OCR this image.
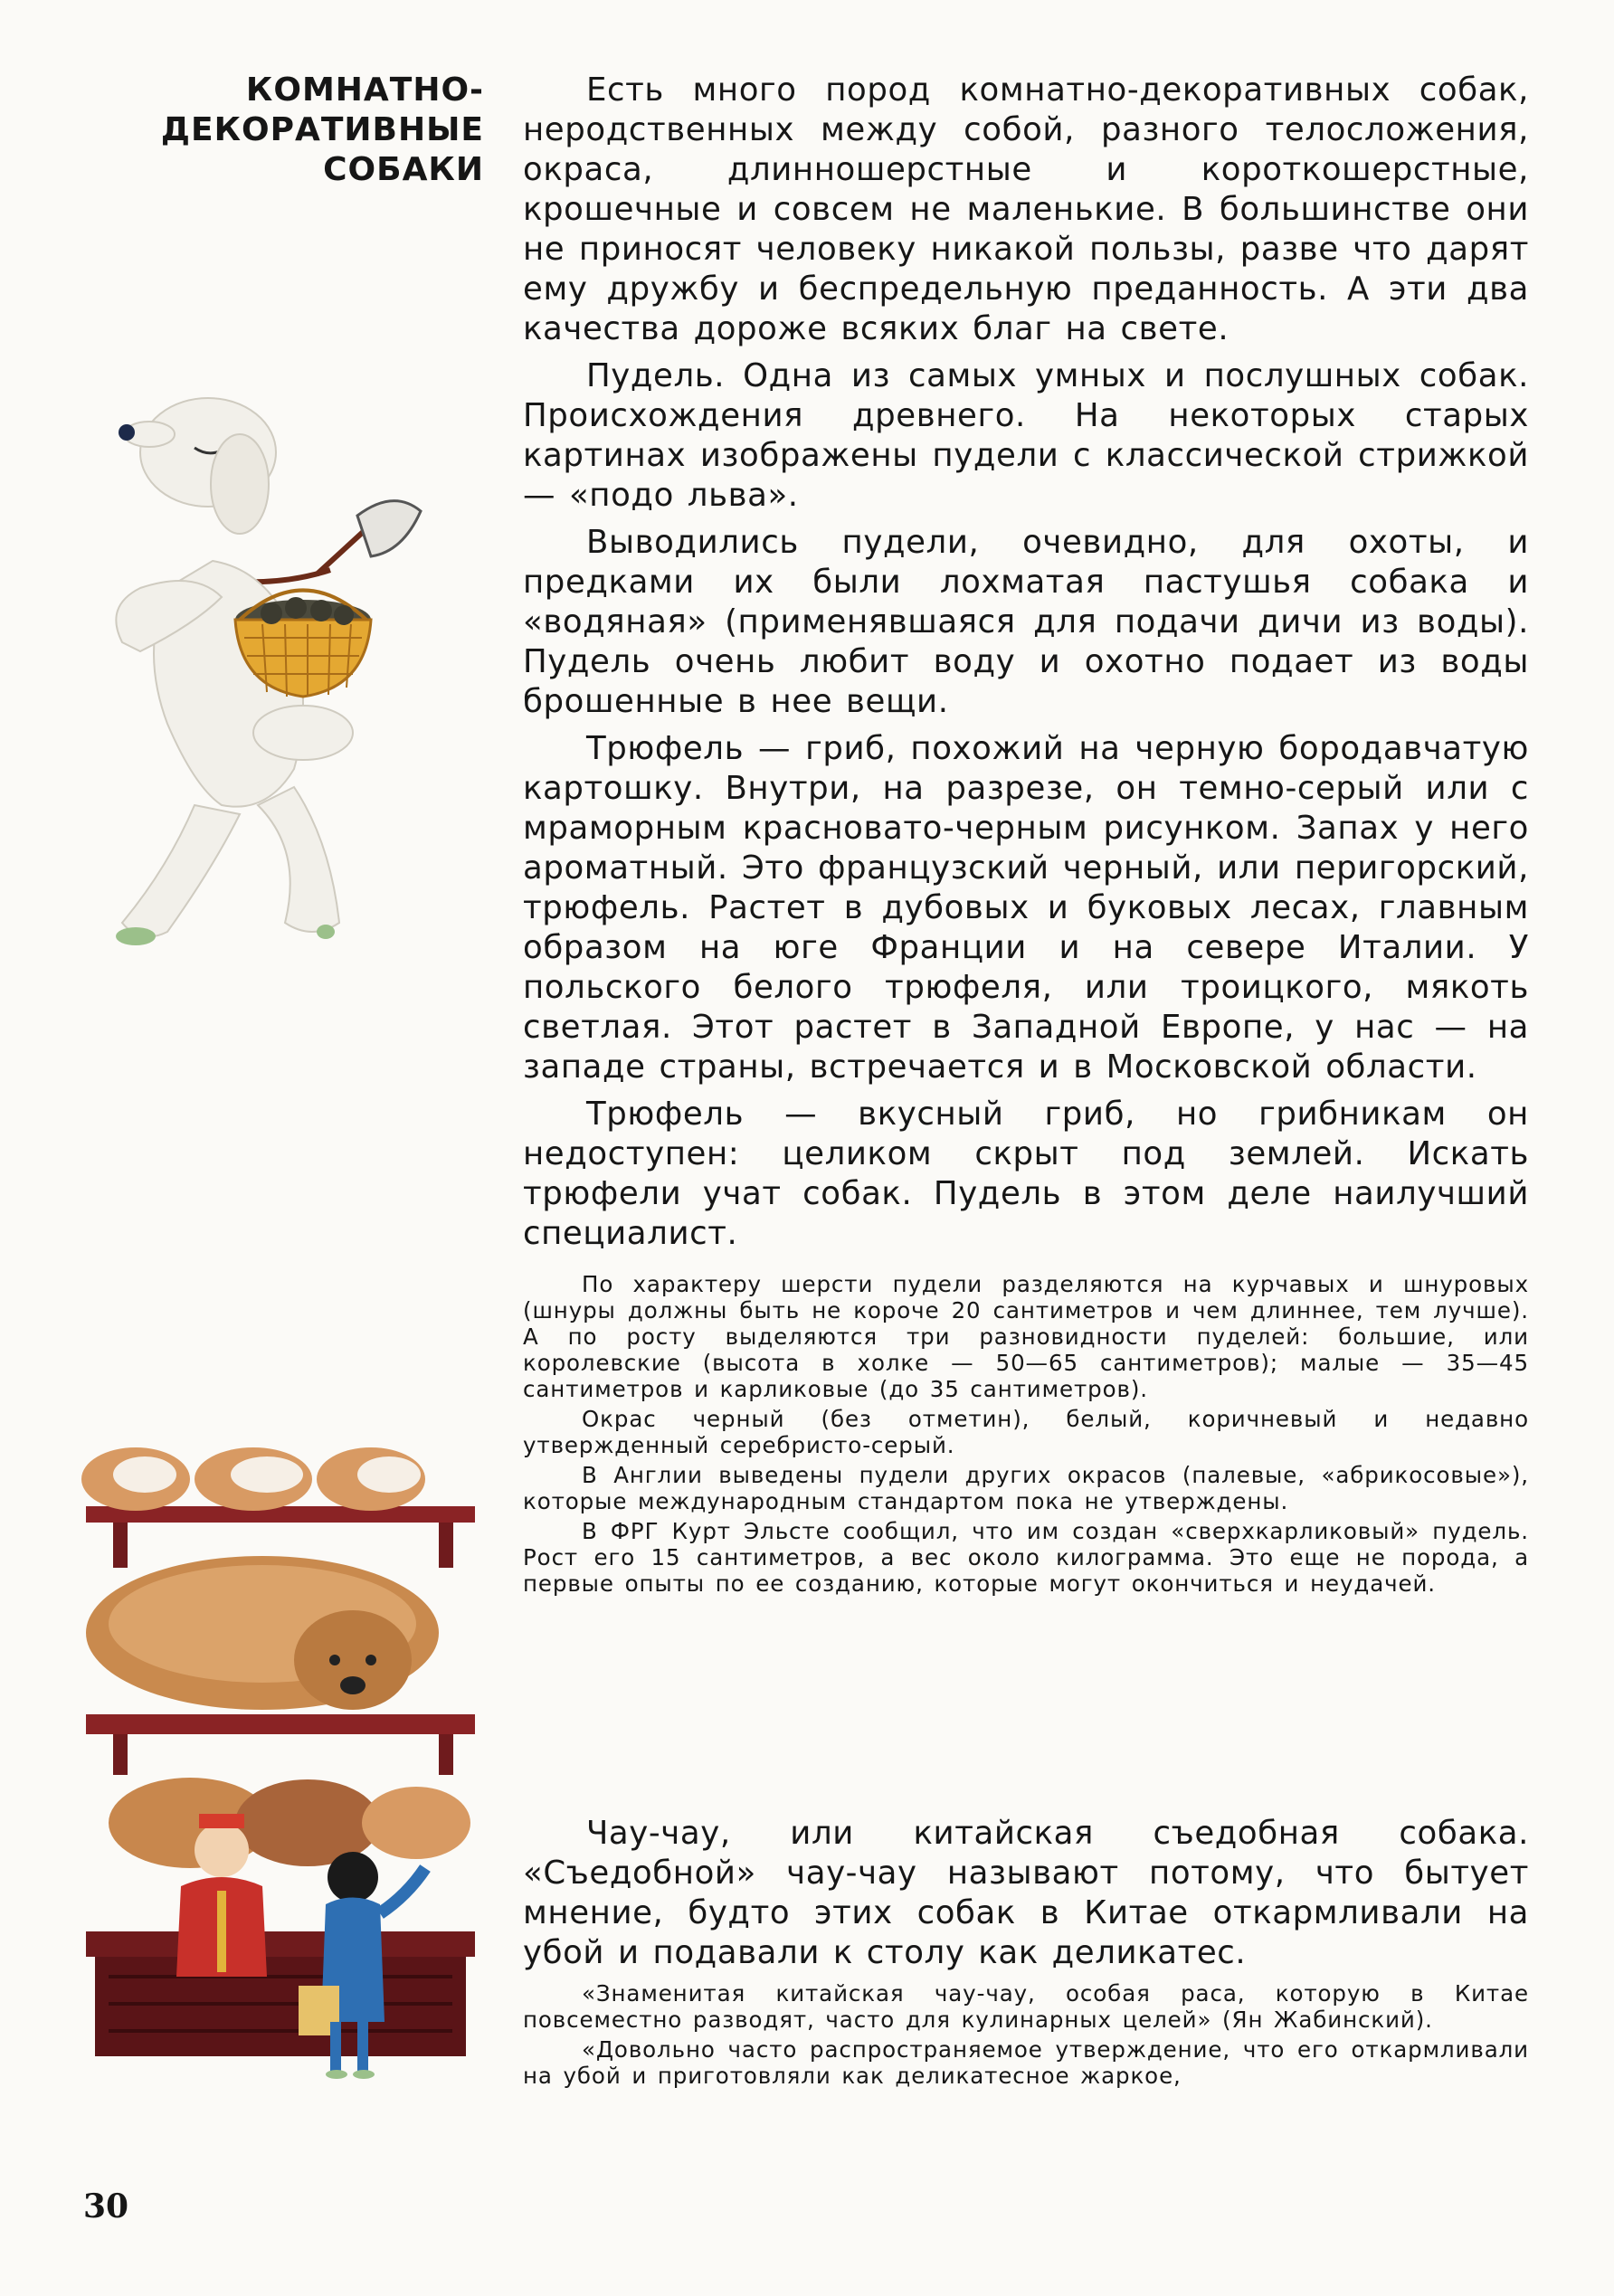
КОМНАТНО-
ДЕКОРАТИВНЫЕ
СОБАКИ

Есть много пород комнатно-декоративных собак, неродственных между собой, разного телосложения, окраса, длинношерстные и короткошерстные, крошечные и совсем не маленькие. В большинстве они не приносят человеку никакой пользы, разве что дарят ему дружбу и беспредельную преданность. А эти два качества дороже всяких благ на свете.

Пудель. Одна из самых умных и послушных собак. Происхождения древнего. На некоторых старых картинах изображены пудели с классической стрижкой — «подо льва».

Выводились пудели, очевидно, для охоты, и предками их были лохматая пастушья собака и «водяная» (применявшаяся для подачи дичи из воды). Пудель очень любит воду и охотно подает из воды брошенные в нее вещи.

Трюфель — гриб, похожий на черную бородавчатую картошку. Внутри, на разрезе, он темно-серый или с мраморным красновато-черным рисунком. Запах у него ароматный. Это французский черный, или перигорский, трюфель. Растет в дубовых и буковых лесах, главным образом на юге Франции и на севере Италии. У польского белого трюфеля, или троицкого, мякоть светлая. Этот растет в Западной Европе, у нас — на западе страны, встречается и в Московской области.

Трюфель — вкусный гриб, но грибникам он недоступен: целиком скрыт под землей. Искать трюфели учат собак. Пудель в этом деле наилучший специалист.

По характеру шерсти пудели разделяются на курчавых и шнуровых (шнуры должны быть не короче 20 сантиметров и чем длиннее, тем лучше). А по росту выделяются три разновидности пуделей: большие, или королевские (высота в холке — 50—65 сантиметров); малые — 35—45 сантиметров и карликовые (до 35 сантиметров).

Окрас черный (без отметин), белый, коричневый и недавно утвержденный серебристо-серый.

В Англии выведены пудели других окрасов (палевые, «абрикосовые»), которые международным стандартом пока не утверждены.

В ФРГ Курт Эльсте сообщил, что им создан «сверхкарликовый» пудель. Рост его 15 сантиметров, а вес около килограмма. Это еще не порода, а первые опыты по ее созданию, которые могут окончиться и неудачей.

Чау-чау, или китайская съедобная собака. «Съедобной» чау-чау называют потому, что бытует мнение, будто этих собак в Китае откармливали на убой и подавали к столу как деликатес.

«Знаменитая китайская чау-чау, особая раса, которую в Китае повсеместно разводят, часто для кулинарных целей» (Ян Жабинский).

«Довольно часто распространяемое утверждение, что его откармливали на убой и приготовляли как деликатесное жаркое,

30
